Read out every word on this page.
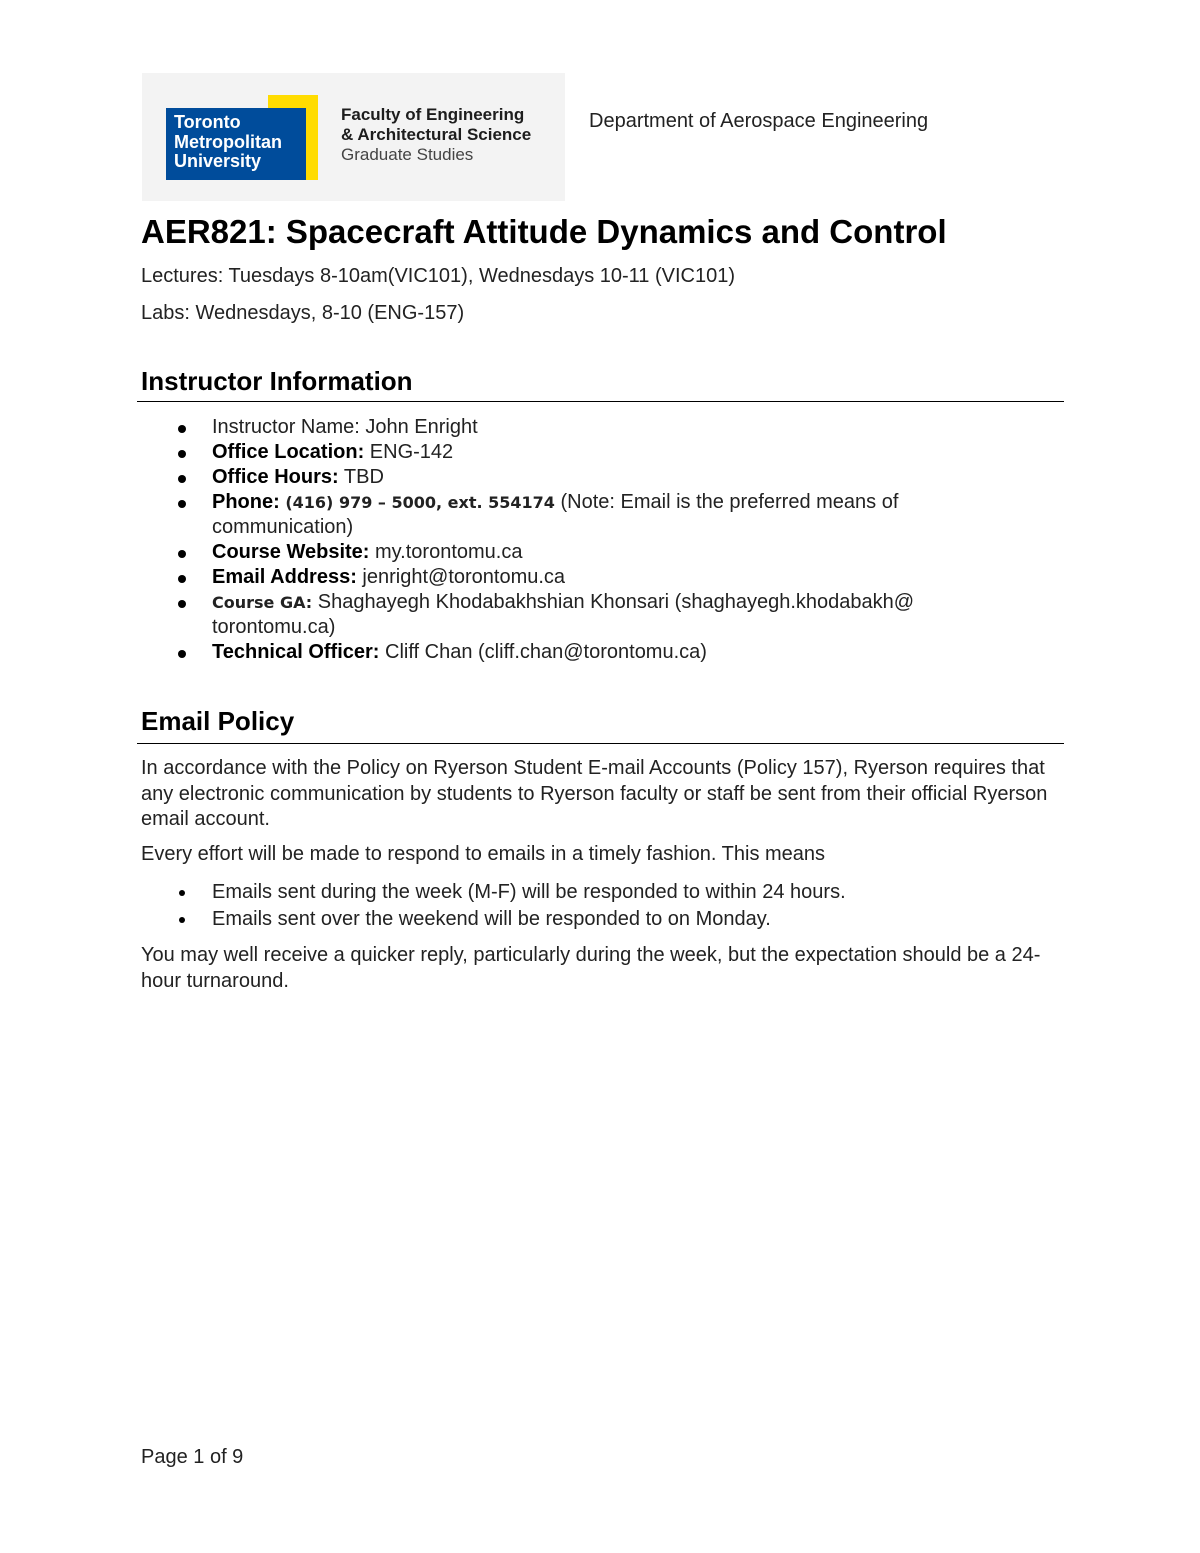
Toronto
Metropolitan
University
Faculty of Engineering
& Architectural Science
Graduate Studies
Department of Aerospace Engineering
AER821: Spacecraft Attitude Dynamics and Control
Lectures: Tuesdays 8-10am(VIC101), Wednesdays 10-11 (VIC101)
Labs: Wednesdays, 8-10 (ENG-157)
Instructor Information
Instructor Name: John Enright
Office Location: ENG-142
Office Hours: TBD
Phone: (416) 979 – 5000, ext. 554174 (Note: Email is the preferred means of
communication)
Course Website: my.torontomu.ca
Email Address: jenright@torontomu.ca
Course GA: Shaghayegh Khodabakhshian Khonsari (shaghayegh.khodabakh@
torontomu.ca)
Technical Officer: Cliff Chan (cliff.chan@torontomu.ca)
Email Policy
In accordance with the Policy on Ryerson Student E-mail Accounts (Policy 157), Ryerson requires that any electronic communication by students to Ryerson faculty or staff be sent from their official Ryerson email account.
Every effort will be made to respond to emails in a timely fashion. This means
Emails sent during the week (M-F) will be responded to within 24 hours.
Emails sent over the weekend will be responded to on Monday.
You may well receive a quicker reply, particularly during the week, but the expectation should be a 24-hour turnaround.
Page 1 of 9
